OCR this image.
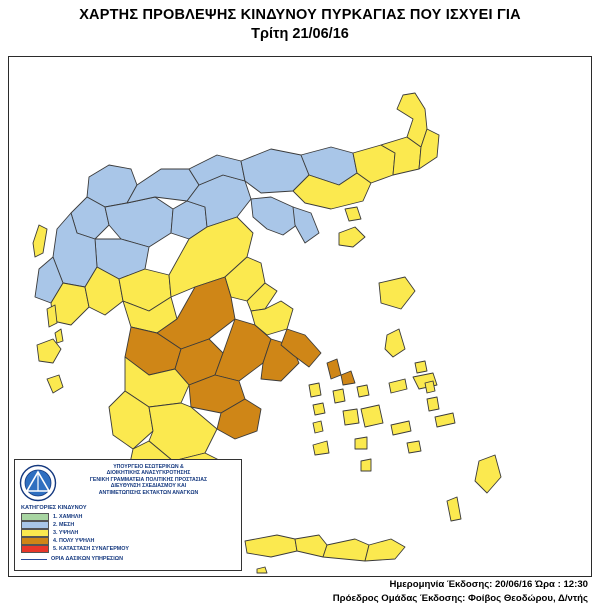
ΧΑΡΤΗΣ ΠΡΟΒΛΕΨΗΣ ΚΙΝΔΥΝΟΥ ΠΥΡΚΑΓΙΑΣ ΠΟΥ ΙΣΧΥΕΙ ΓΙΑ
Τρίτη 21/06/16
ΥΠΟΥΡΓΕΙΟ ΕΣΩΤΕΡΙΚΩΝ &
ΔΙΟΙΚΗΤΙΚΗΣ ΑΝΑΣΥΓΚΡΟΤΗΣΗΣ
ΓΕΝΙΚΗ ΓΡΑΜΜΑΤΕΙΑ ΠΟΛΙΤΙΚΗΣ ΠΡΟΣΤΑΣΙΑΣ
ΔΙΕΥΘΥΝΣΗ ΣΧΕΔΙΑΣΜΟΥ ΚΑΙ
ΑΝΤΙΜΕΤΩΠΙΣΗΣ ΕΚΤΑΚΤΩΝ ΑΝΑΓΚΩΝ
ΚΑΤΗΓΟΡΙΕΣ ΚΙΝΔΥΝΟΥ
1. ΧΑΜΗΛΗ
2. ΜΕΣΗ
3. ΥΨΗΛΗ
4. ΠΟΛΥ ΥΨΗΛΗ
5. ΚΑΤΑΣΤΑΣΗ ΣΥΝΑΓΕΡΜΟΥ
ΟΡΙΑ ΔΑΣΙΚΩΝ ΥΠΗΡΕΣΙΩΝ
Ημερομηνία Έκδοσης: 20/06/16 Ώρα : 12:30
Πρόεδρος Ομάδας Έκδοσης: Φοίβος Θεοδώρου, Δ/ντής
